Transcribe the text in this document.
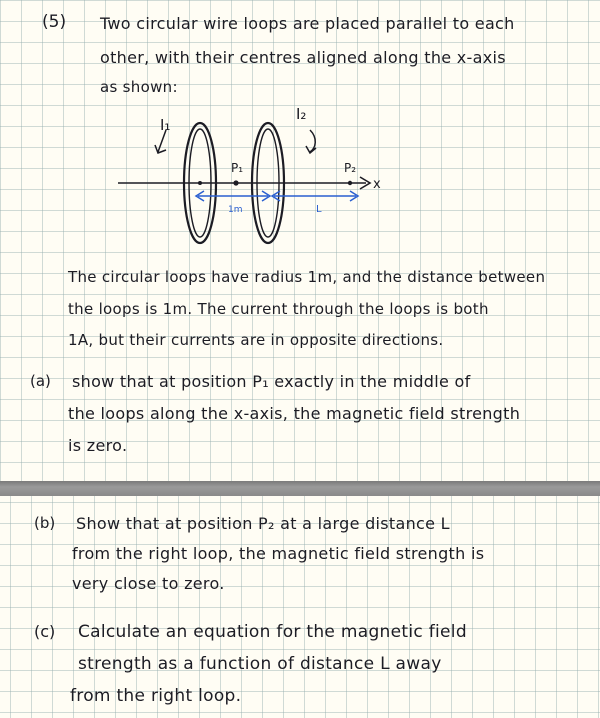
(5) Two circular wire loops are placed parallel to each
other, with their centres aligned along the x-axis
as shown:
I₁
I₂
P₁	P₂
x
1m	L
The circular loops have radius 1m, and the distance between
the loops is 1m. The current through the loops is both
1A, but their currents are in opposite directions.
(a) show that at position P₁ exactly in the middle of
the loops along the x-axis, the magnetic field strength
is zero.
(b) Show that at position P₂ at a large distance L
from the right loop, the magnetic field strength is
very close to zero.
(c) Calculate an equation for the magnetic field
strength as a function of distance L away
from the right loop.
